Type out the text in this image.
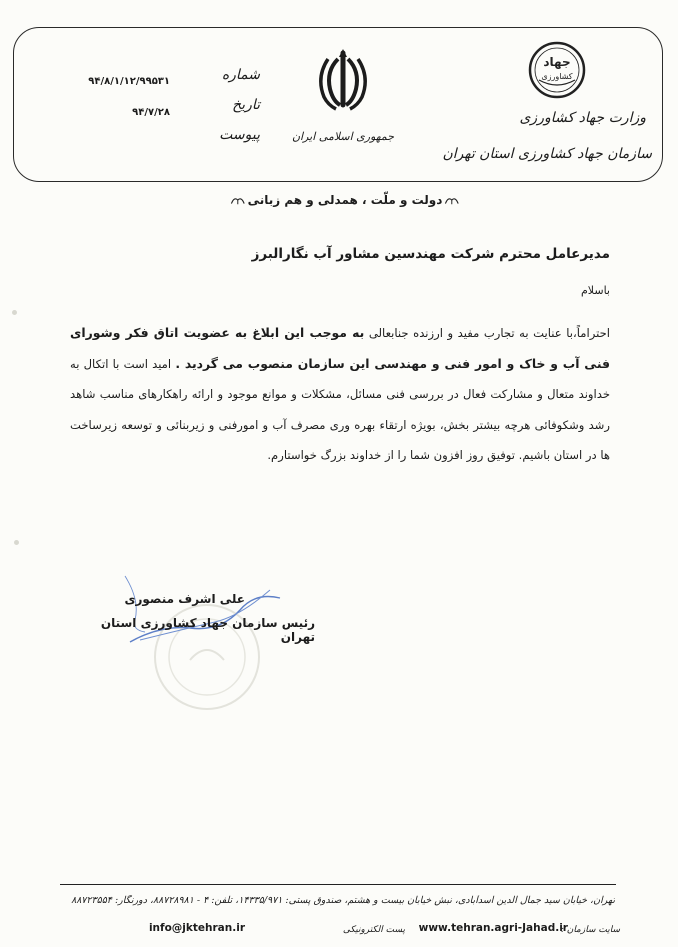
جهاد
کشاورزی
وزارت جهاد کشاورزی
سازمان جهاد کشاورزی استان تهران
جمهوری اسلامی ایران
شماره
تاریخ
پیوست
۹۴/۸/۱/۱۲/۹۹۵۳۱
۹۴/۷/۲۸
دولت و ملّت ، همدلی و هم زبانی

مدیرعامل محترم شرکت مهندسین مشاور آب نگارالبرز

باسلام

احتراماً،با عنایت به تجارب مفید و ارزنده جنابعالی به موجب این ابلاغ به عضویت اتاق فکر وشورای فنی آب و خاک و امور فنی و مهندسی این سازمان منصوب می گردید . امید است با اتکال به خداوند متعال و مشارکت فعال در بررسی فنی مسائل، مشکلات و موانع موجود و ارائه راهکارهای مناسب شاهد رشد وشکوفائی هرچه بیشتر بخش، بویژه ارتقاء بهره وری مصرف آب و امورفنی و زیربنائی و توسعه زیرساخت ها در استان باشیم. توفیق روز افزون شما را از خداوند بزرگ خواستارم.

علی اشرف منصوری

رئیس سازمان جهاد کشاورزی استان تهران

تهران، خیابان سید جمال الدین اسدآبادی، نبش خیابان بیست و هشتم، صندوق پستی: ۱۴۳۳۵/۹۷۱، تلفن: ۴ - ۸۸۷۲۸۹۸۱، دورنگار: ۸۸۷۲۳۵۵۴
سایت سازمان :
www.tehran.agri-Jahad.ir
پست الکترونیکی
info@jktehran.ir
